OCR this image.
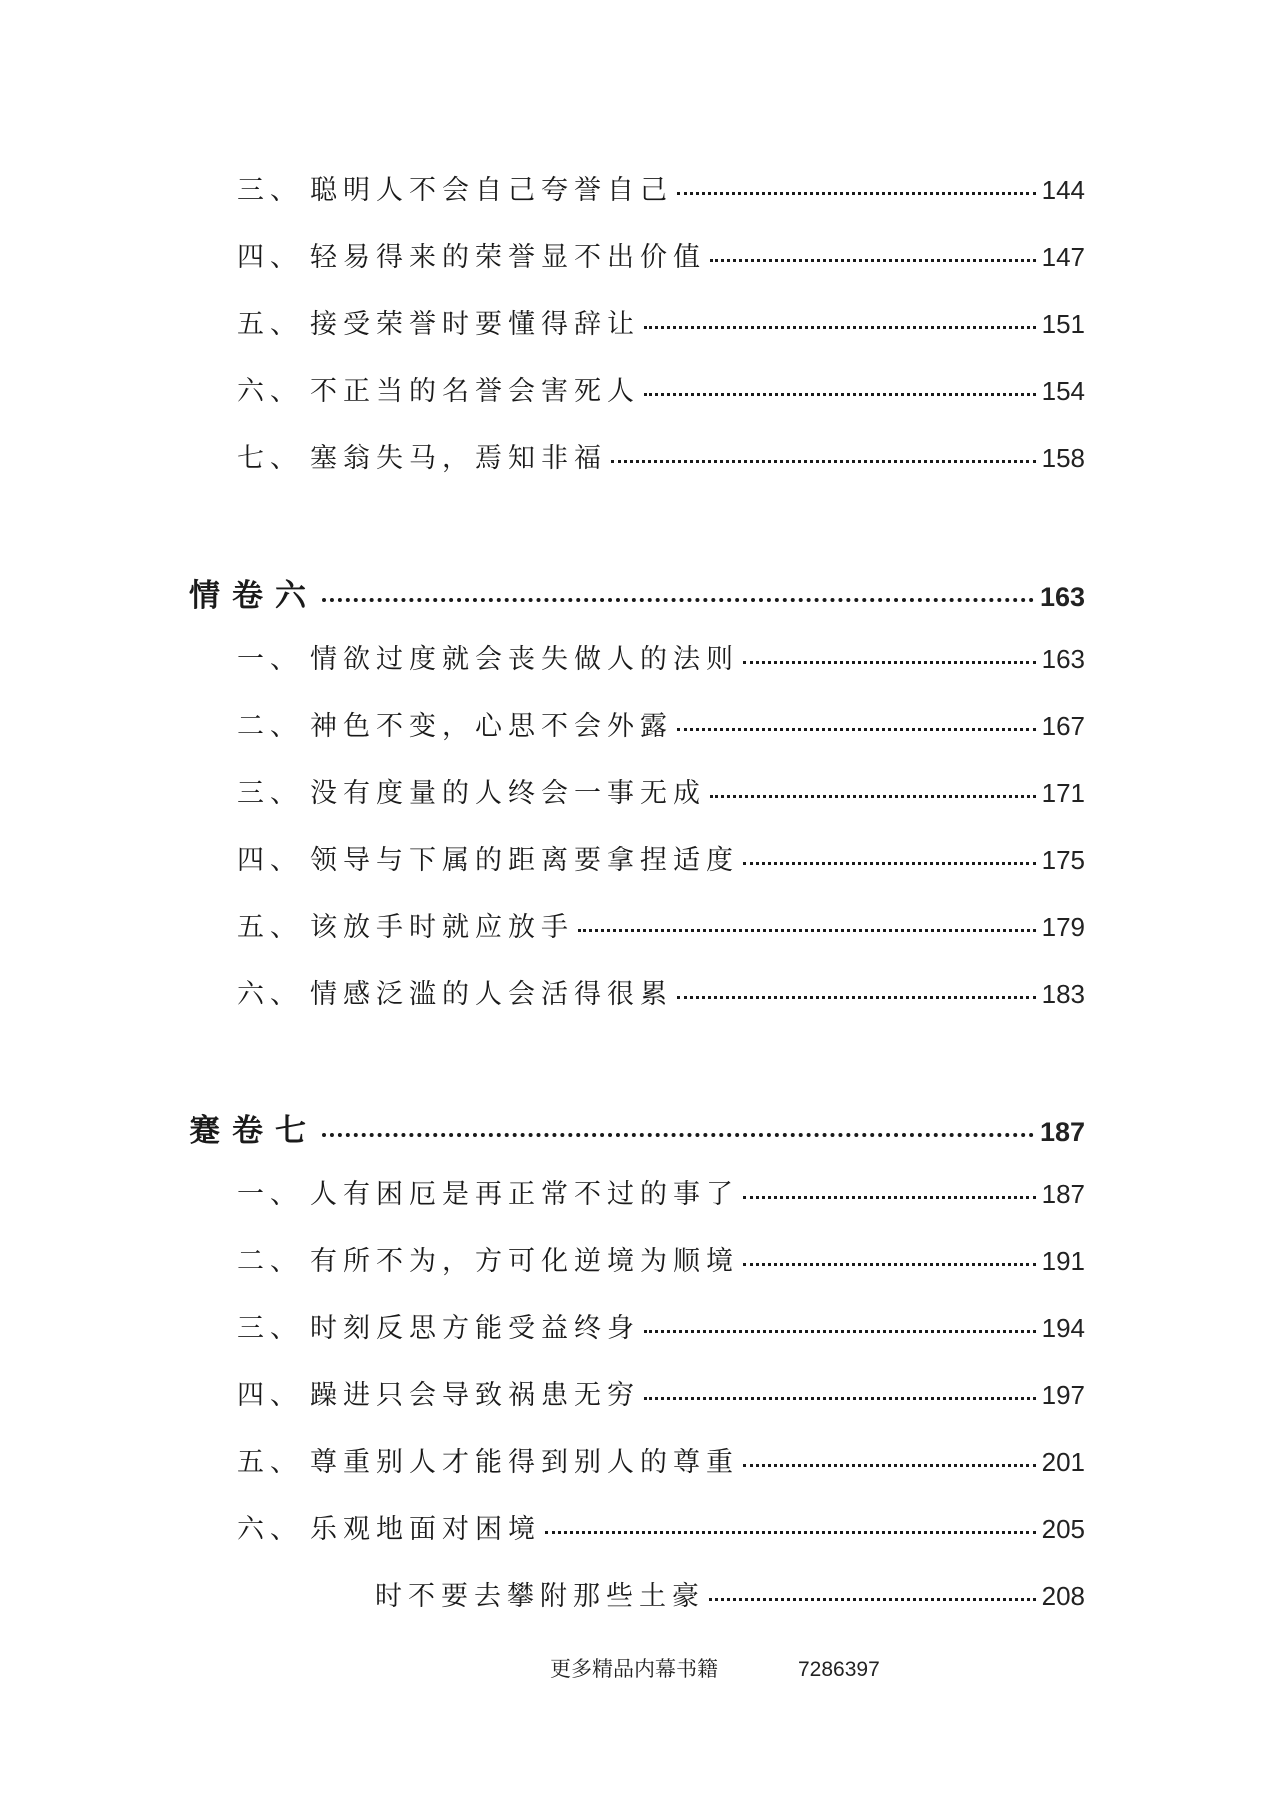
三、 聪明人不会自己夸誉自己	144
四、 轻易得来的荣誉显不出价值	147
五、 接受荣誉时要懂得辞让	151
六、 不正当的名誉会害死人	154
七、 塞翁失马，焉知非福	158
情卷六	163
一、 情欲过度就会丧失做人的法则	163
二、 神色不变，心思不会外露	167
三、 没有度量的人终会一事无成	171
四、 领导与下属的距离要拿捏适度	175
五、 该放手时就应放手	179
六、 情感泛滥的人会活得很累	183
蹇卷七	187
一、 人有困厄是再正常不过的事了	187
二、 有所不为，方可化逆境为顺境	191
三、 时刻反思方能受益终身	194
四、 躁进只会导致祸患无穷	197
五、 尊重别人才能得到别人的尊重	201
六、 乐观地面对困境	205
时不要去攀附那些土豪	208
更多精品内幕书籍	7286397
